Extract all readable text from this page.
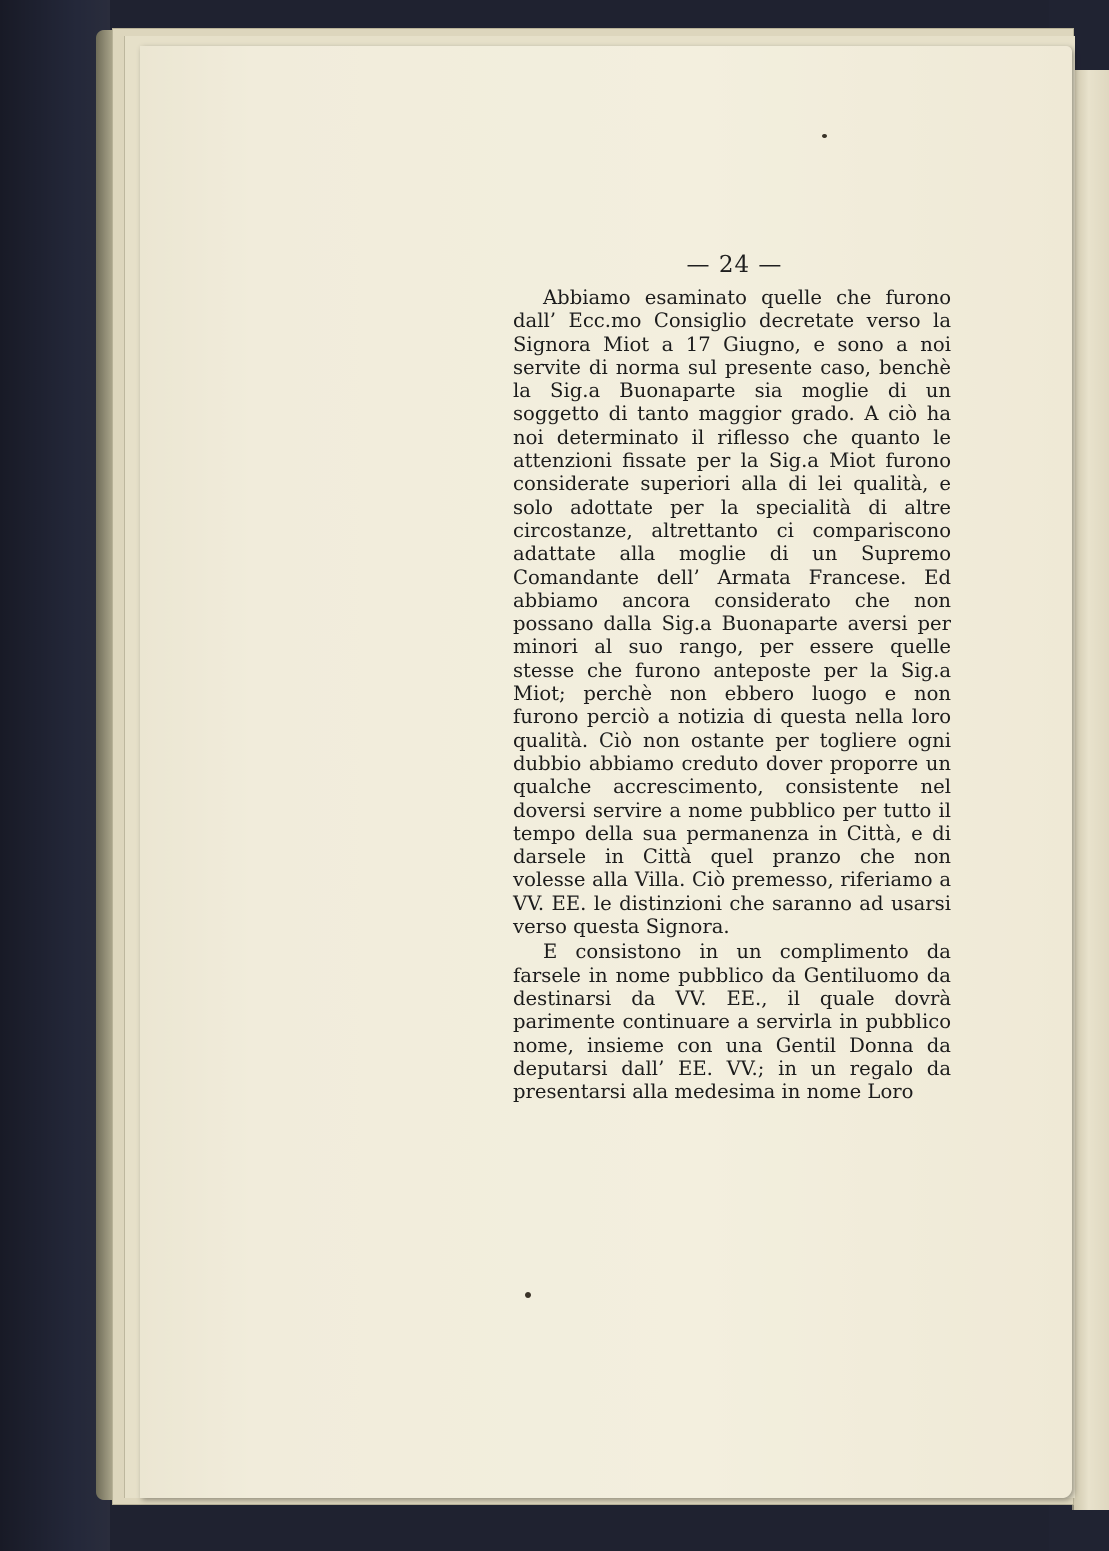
— 24 —

Abbiamo esaminato quelle che furono dall’ Ecc.mo Consiglio decretate verso la Signora Miot a 17 Giugno, e sono a noi servite di norma sul presente caso, benchè la Sig.a Buonaparte sia moglie di un soggetto di tanto maggior grado. A ciò ha noi determinato il riflesso che quanto le attenzioni fissate per la Sig.a Miot furono considerate superiori alla di lei qualità, e solo adottate per la specialità di altre circostanze, altrettanto ci compariscono adattate alla moglie di un Supremo Comandante dell’ Armata Francese. Ed abbiamo ancora considerato che non possano dalla Sig.a Buonaparte aversi per minori al suo rango, per essere quelle stesse che furono anteposte per la Sig.a Miot; perchè non ebbero luogo e non furono perciò a notizia di questa nella loro qualità. Ciò non ostante per togliere ogni dubbio abbiamo creduto dover proporre un qualche accrescimento, consistente nel doversi servire a nome pubblico per tutto il tempo della sua permanenza in Città, e di darsele in Città quel pranzo che non volesse alla Villa. Ciò premesso, riferiamo a VV. EE. le distinzioni che saranno ad usarsi verso questa Signora.

E consistono in un complimento da farsele in nome pubblico da Gentiluomo da destinarsi da VV. EE., il quale dovrà parimente continuare a servirla in pubblico nome, insieme con una Gentil Donna da deputarsi dall’ EE. VV.; in un regalo da presentarsi alla medesima in nome Loro
